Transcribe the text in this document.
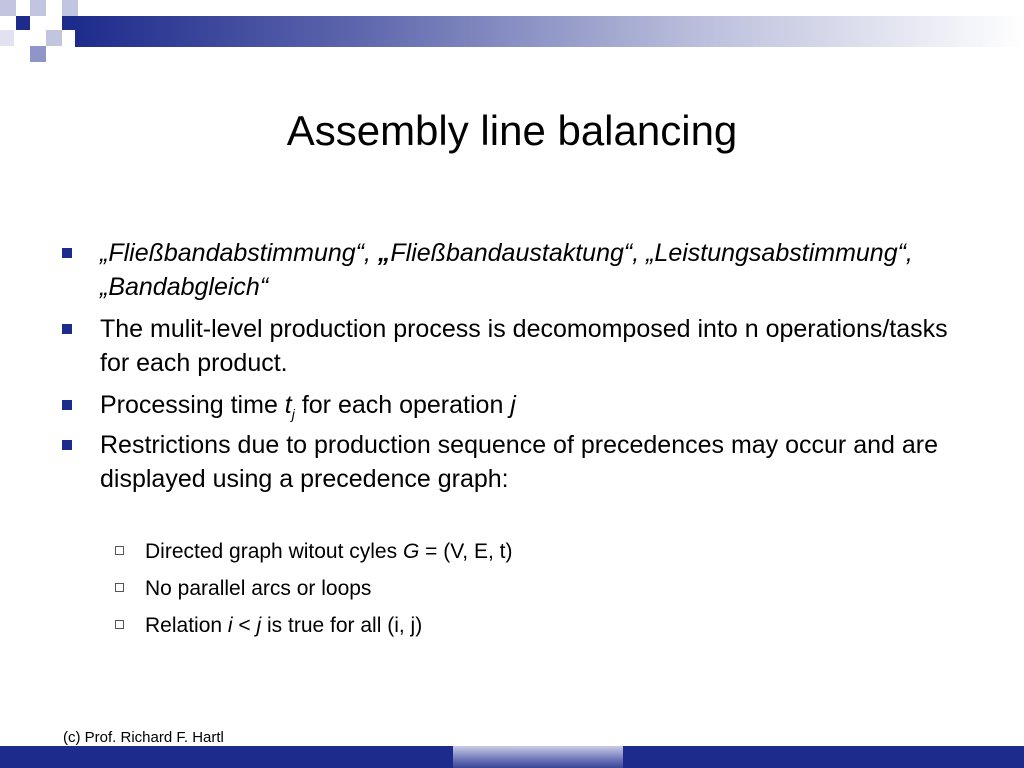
Assembly line balancing
„Fließbandabstimmung“, „Fließbandaustaktung“, „Leistungsabstimmung“, „Bandabgleich“
The mulit-level production process is decomomposed into n operations/tasks for each product.
Processing time $t_j$ for each operation j
Restrictions due to production sequence of precedences may occur and are displayed using a precedence graph:
Directed graph witout cyles G = (V, E, t)
No parallel arcs or loops
Relation i < j is true for all (i, j)
(c) Prof. Richard F. Hartl
